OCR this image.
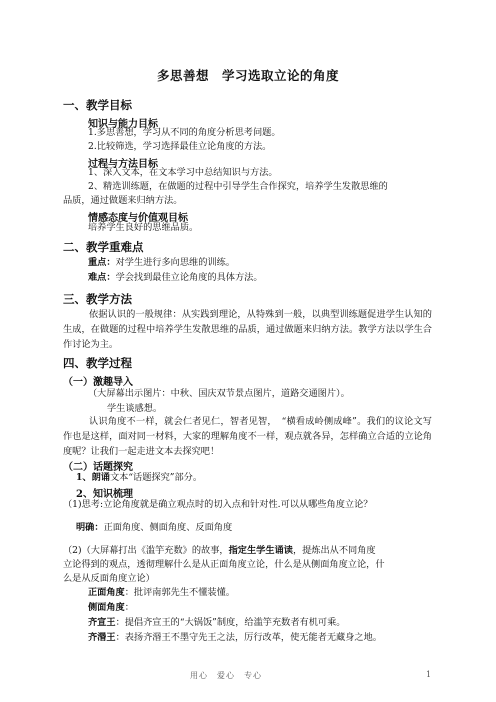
多思善想　学习选取立论的角度
一、教学目标
知识与能力目标
1.多思善想，学习从不同的角度分析思考问题。
2.比较筛选，学习选择最佳立论角度的方法。
过程与方法目标
1、深入文本，在文本学习中总结知识与方法。
2、精选训练题，在做题的过程中引导学生合作探究，培养学生发散思维的
品质，通过做题来归纳方法。
情感态度与价值观目标
培养学生良好的思维品质。
二、教学重难点
重点：对学生进行多向思维的训练。
难点：学会找到最佳立论角度的具体方法。
三、教学方法
依据认识的一般规律：从实践到理论，从特殊到一般，以典型训练题促进学生认知的生成，在做题的过程中培养学生发散思维的品质，通过做题来归纳方法。教学方法以学生合作讨论为主。
四、教学过程
（一）激趣导入
（大屏幕出示图片：中秋、国庆双节景点图片，道路交通图片）。
学生谈感想。
认识角度不一样，就会仁者见仁，智者见智，　“横看成岭侧成峰”。我们的议论文写作也是这样，面对同一材料，大家的理解角度不一样，观点就各异，怎样确立合适的立论角度呢？让我们一起走进文本去探究吧！
（二）话题探究
1、朗诵文本“话题探究”部分。
2、知识梳理
（1)思考:立论角度就是确立观点时的切入点和针对性.可以从哪些角度立论？
明确：正面角度、侧面角度、反面角度
（2)（大屏幕打出《滥竽充数》的故事，指定生学生诵读，提炼出从不同角度
立论得到的观点，透彻理解什么是从正面角度立论，什么是从侧面角度立论，什
么是从反面角度立论）
正面角度：批评南郭先生不懂装懂。
侧面角度：
齐宣王：提倡齐宣王的“大锅饭”制度，给滥竽充数者有机可乘。
齐湣王：表扬齐湣王不墨守先王之法，厉行改革，使无能者无藏身之地。
用心　爱心　专心	1
